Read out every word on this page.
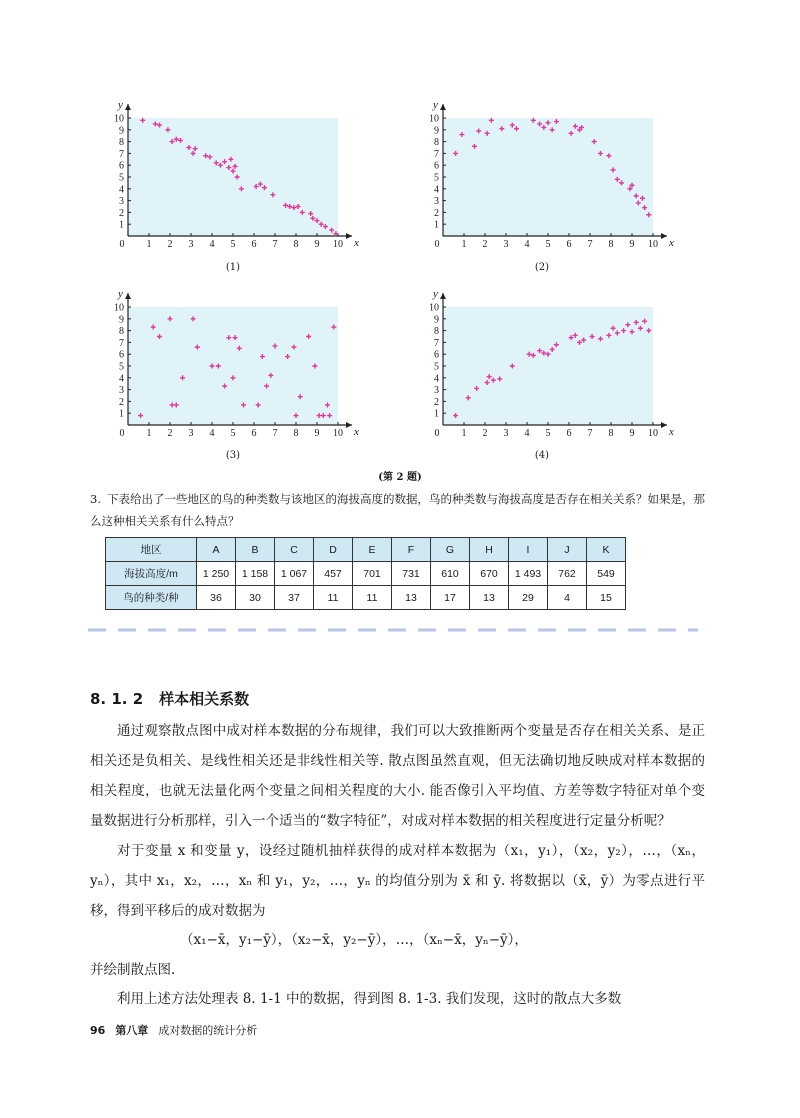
0 1 2 3 4 5 6 7 8 9 10
1
2
3
4
5
6
7
8
9
10
x
y
(1)
0 1 2 3 4 5 6 7 8 9 10
1
2
3
4
5
6
7
8
9
10
x
y
(2)
0 1 2 3 4 5 6 7 8 9 10
1
2
3
4
5
6
7
8
9
10
x
y
(3)
0 1 2 3 4 5 6 7 8 9 10
1
2
3
4
5
6
7
8
9
10
x
y
(4)
(第 2 题)
3. 下表给出了一些地区的鸟的种类数与该地区的海拔高度的数据，鸟的种类数与海拔高度是否存在相关关系？如果是，那么这种相关关系有什么特点？
地区	A	B	C	D	E	F	G	H	I	J	K
海拔高度/m	1 250	1 158	1 067	457	701	731	610	670	1 493	762	549
鸟的种类/种	36	30	37	11	11	13	17	13	29	4	15
8. 1. 2 样本相关系数
通过观察散点图中成对样本数据的分布规律，我们可以大致推断两个变量是否存在相关关系、是正相关还是负相关、是线性相关还是非线性相关等. 散点图虽然直观，但无法确切地反映成对样本数据的相关程度，也就无法量化两个变量之间相关程度的大小. 能否像引入平均值、方差等数字特征对单个变量数据进行分析那样，引入一个适当的“数字特征”，对成对样本数据的相关程度进行定量分析呢？
对于变量 x 和变量 y，设经过随机抽样获得的成对样本数据为（x₁，y₁），（x₂，y₂），…，（xₙ，yₙ），其中 x₁，x₂，…，xₙ 和 y₁，y₂，…，yₙ 的均值分别为 x̄ 和 ȳ. 将数据以（x̄，ȳ）为零点进行平移，得到平移后的成对数据为
（x₁−x̄，y₁−ȳ），（x₂−x̄，y₂−ȳ），…，（xₙ−x̄，yₙ−ȳ），
并绘制散点图.
利用上述方法处理表 8. 1-1 中的数据，得到图 8. 1-3. 我们发现，这时的散点大多数
96 第八章 成对数据的统计分析
